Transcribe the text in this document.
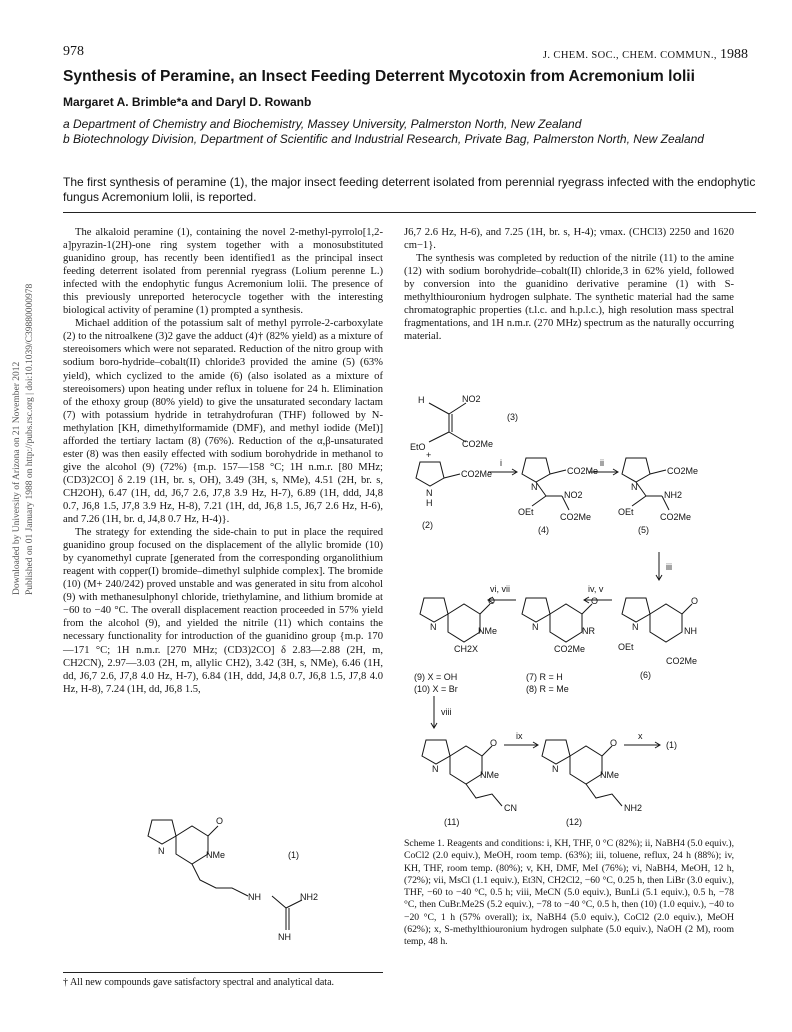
978	J. CHEM. SOC., CHEM. COMMUN., 1988
Synthesis of Peramine, an Insect Feeding Deterrent Mycotoxin from Acremonium lolii
Margaret A. Brimble*a and Daryl D. Rowanb
a Department of Chemistry and Biochemistry, Massey University, Palmerston North, New Zealand
b Biotechnology Division, Department of Scientific and Industrial Research, Private Bag, Palmerston North, New Zealand
The first synthesis of peramine (1), the major insect feeding deterrent isolated from perennial ryegrass infected with the endophytic fungus Acremonium lolii, is reported.
Downloaded by University of Arizona on 21 November 2012 Published on 01 January 1988 on http://pubs.rsc.org | doi:10.1039/C39880000978

The alkaloid peramine (1), containing the novel 2-methyl-pyrrolo[1,2-a]pyrazin-1(2H)-one ring system together with a monosubstituted guanidino group, has recently been identified1 as the principal insect feeding deterrent isolated from perennial ryegrass (Lolium perenne L.) infected with the endophytic fungus Acremonium lolii. The presence of this previously unreported heterocycle together with the interesting biological activity of peramine (1) prompted a synthesis.

Michael addition of the potassium salt of methyl pyrrole-2-carboxylate (2) to the nitroalkene (3)2 gave the adduct (4)† (82% yield) as a mixture of stereoisomers which were not separated. Reduction of the nitro group with sodium boro-hydride–cobalt(II) chloride3 provided the amine (5) (63% yield), which cyclized to the amide (6) (also isolated as a mixture of stereoisomers) upon heating under reflux in toluene for 24 h. Elimination of the ethoxy group (80% yield) to give the unsaturated secondary lactam (7) with potassium hydride in tetrahydrofuran (THF) followed by N-methylation [KH, dimethylformamide (DMF), and methyl iodide (MeI)] afforded the tertiary lactam (8) (76%). Reduction of the α,β-unsaturated ester (8) was then easily effected with sodium borohydride in methanol to give the alcohol (9) (72%) {m.p. 157—158 °C; 1H n.m.r. [80 MHz; (CD3)2CO] δ 2.19 (1H, br. s, OH), 3.49 (3H, s, NMe), 4.51 (2H, br. s, CH2OH), 6.47 (1H, dd, J6,7 2.6, J7,8 3.9 Hz, H-7), 6.89 (1H, ddd, J4,8 0.7, J6,8 1.5, J7,8 3.9 Hz, H-8), 7.21 (1H, dd, J6,8 1.5, J6,7 2.6 Hz, H-6), and 7.26 (1H, br. d, J4,8 0.7 Hz, H-4)}.

The strategy for extending the side-chain to put in place the required guanidino group focused on the displacement of the allylic bromide (10) by cyanomethyl cuprate [generated from the corresponding organolithium reagent with copper(I) bromide–dimethyl sulphide complex]. The bromide (10) (M+ 240/242) proved unstable and was generated in situ from alcohol (9) with methanesulphonyl chloride, triethylamine, and lithium bromide at −60 to −40 °C. The overall displacement reaction proceeded in 57% yield from the alcohol (9), and yielded the nitrile (11) which contains the necessary functionality for introduction of the guanidino group {m.p. 170—171 °C; 1H n.m.r. [270 MHz; (CD3)2CO] δ 2.83—2.88 (2H, m, CH2CN), 2.97—3.03 (2H, m, allylic CH2), 3.42 (3H, s, NMe), 6.46 (1H, dd, J6,7 2.6, J7,8 4.0 Hz, H-7), 6.84 (1H, ddd, J4,8 0.7, J6,8 1.5, J7,8 4.0 Hz, H-8), 7.24 (1H, dd, J6,8 1.5,

J6,7 2.6 Hz, H-6), and 7.25 (1H, br. s, H-4); νmax. (CHCl3) 2250 and 1620 cm−1}.

The synthesis was completed by reduction of the nitrile (11) to the amine (12) with sodium borohydride–cobalt(II) chloride,3 in 62% yield, followed by conversion into the guanidino derivative peramine (1) with S-methylthiouronium hydrogen sulphate. The synthetic material had the same chromatographic properties (t.l.c. and h.p.l.c.), high resolution mass spectral fragmentations, and 1H n.m.r. (270 MHz) spectrum as the naturally occurring material.

H	NO2
(3)
EtO	CO2Me
+
CO2Me
N
H
(2)
i	ii
CO2Me
N
NO2
OEt	CO2Me
(4)
CO2Me
N
NH2
OEt	CO2Me
(5)
iii
O
N	NH
OEt
CO2Me
(6)
iv, v
O
N	NR
CO2Me
(7) R = H
(8) R = Me
vi, vii
O
N	NMe
CH2X
(9) X = OH
(10) X = Br
viii
O
N
NMe
CN
(11)
ix
O
N
NMe
NH2
(12)
x
(1)
O
N	NMe
NH	NH2
NH
(1)
Scheme 1. Reagents and conditions: i, KH, THF, 0 °C (82%); ii, NaBH4 (5.0 equiv.), CoCl2 (2.0 equiv.), MeOH, room temp. (63%); iii, toluene, reflux, 24 h (88%); iv, KH, THF, room temp. (80%); v, KH, DMF, MeI (76%); vi, NaBH4, MeOH, 12 h, (72%); vii, MsCl (1.1 equiv.), Et3N, CH2Cl2, −60 °C, 0.25 h, then LiBr (3.0 equiv.), THF, −60 to −40 °C, 0.5 h; viii, MeCN (5.0 equiv.), BunLi (5.1 equiv.), 0.5 h, −78 °C, then CuBr.Me2S (5.2 equiv.), −78 to −40 °C, 0.5 h, then (10) (1.0 equiv.), −40 to −20 °C, 1 h (57% overall); ix, NaBH4 (5.0 equiv.), CoCl2 (2.0 equiv.), MeOH (62%); x, S-methylthiouronium hydrogen sulphate (5.0 equiv.), NaOH (2 M), room temp, 48 h.
† All new compounds gave satisfactory spectral and analytical data.
